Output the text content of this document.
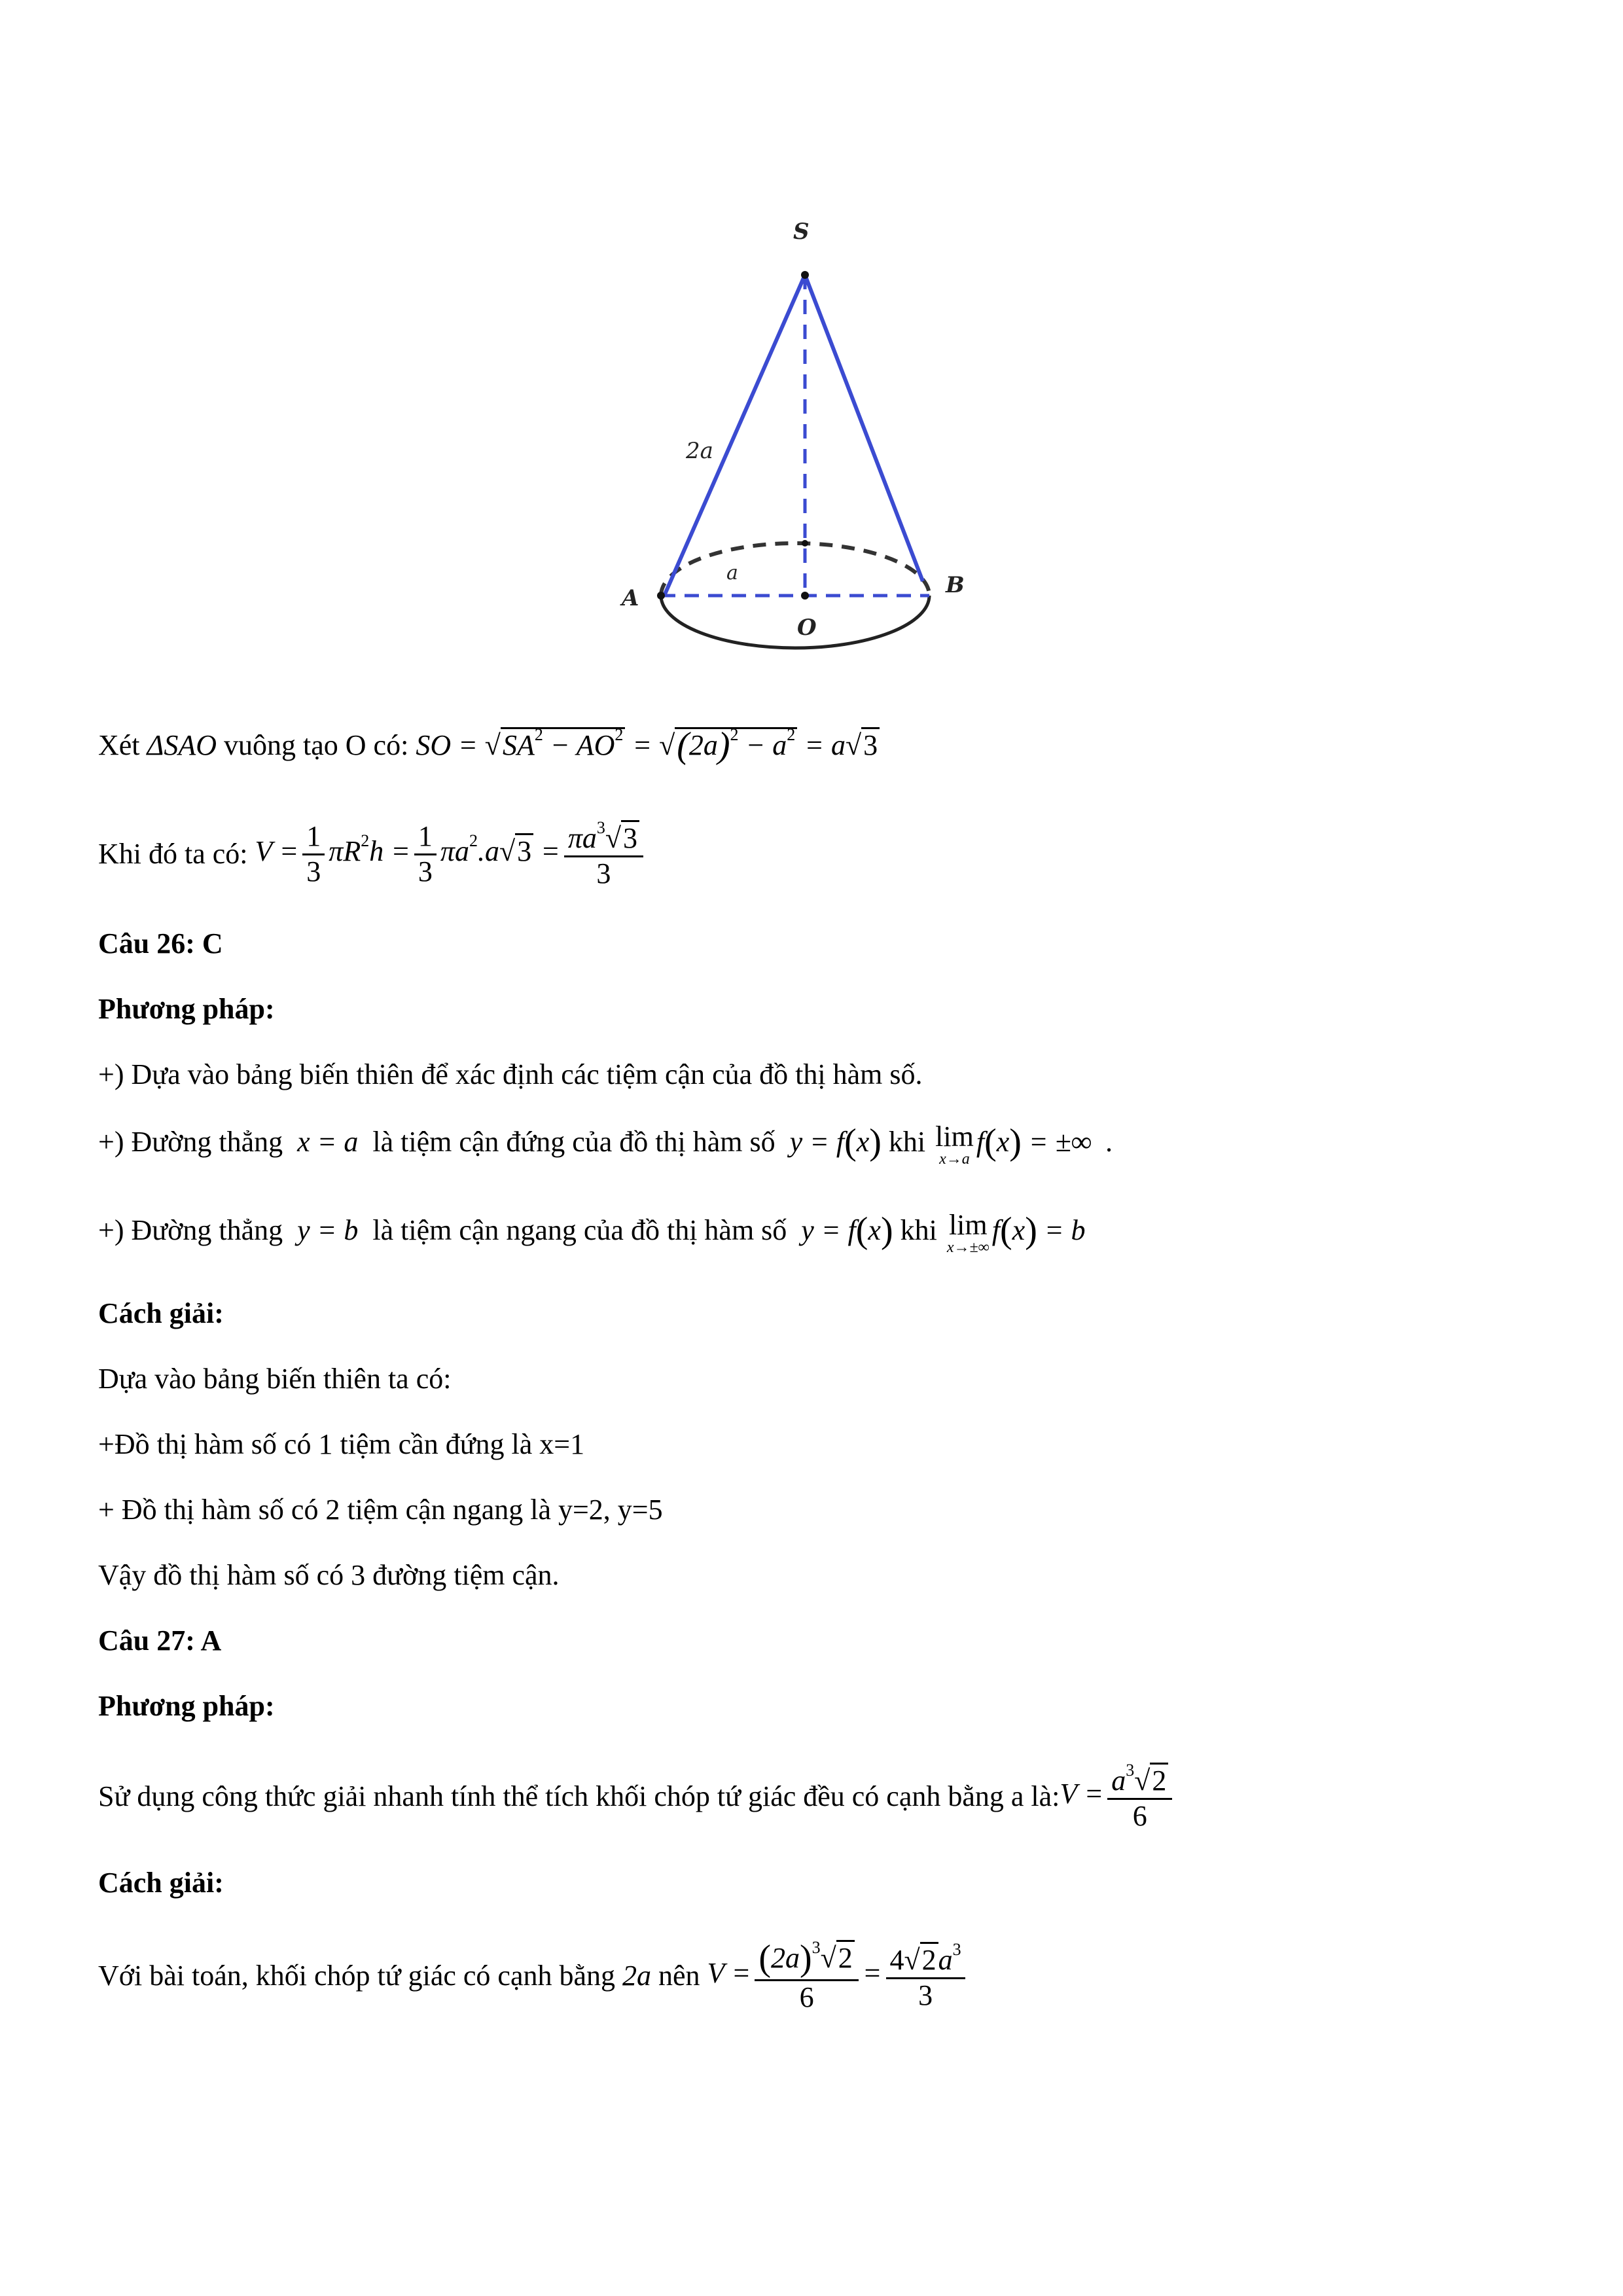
S
A	B
O
2a
a
Xét ΔSAO vuông tạo O có: SO = $√SA^2 - AO^2 = √(2a)^2 - a^2 = a√3$
Khi đó ta có: $V = \frac{1}{3} \pi R^2h = \frac{1}{3} \pi a^2.a√3 = \frac{\pi a^3√3}{3}$
Câu 26: C
Phương pháp:
+) Dựa vào bảng biến thiên để xác định các tiệm cận của đồ thị hàm số.
+) Đường thẳng  x = a  là tiệm cận đứng của đồ thị hàm số  y = f(x) khi lim
x→a
f(x) = ±∞  .
+) Đường thẳng  y = b  là tiệm cận ngang của đồ thị hàm số  y = f(x) khi lim
x→±∞
f(x) = b
Cách giải:
Dựa vào bảng biến thiên ta có:
+Đồ thị hàm số có 1 tiệm cần đứng là x=1
+ Đồ thị hàm số có 2 tiệm cận ngang là y=2, y=5
Vậy đồ thị hàm số có 3 đường tiệm cận.
Câu 27: A
Phương pháp:
Sử dụng công thức giải nhanh tính thể tích khối chóp tứ giác đều có cạnh bằng a là:V = $\frac{a^3√2}{6}$
Cách giải:
Với bài toán, khối chóp tứ giác có cạnh bằng 2a nên $V = \frac{(2a)^3√2}{6} = \frac{4√2a^3}{3}$
